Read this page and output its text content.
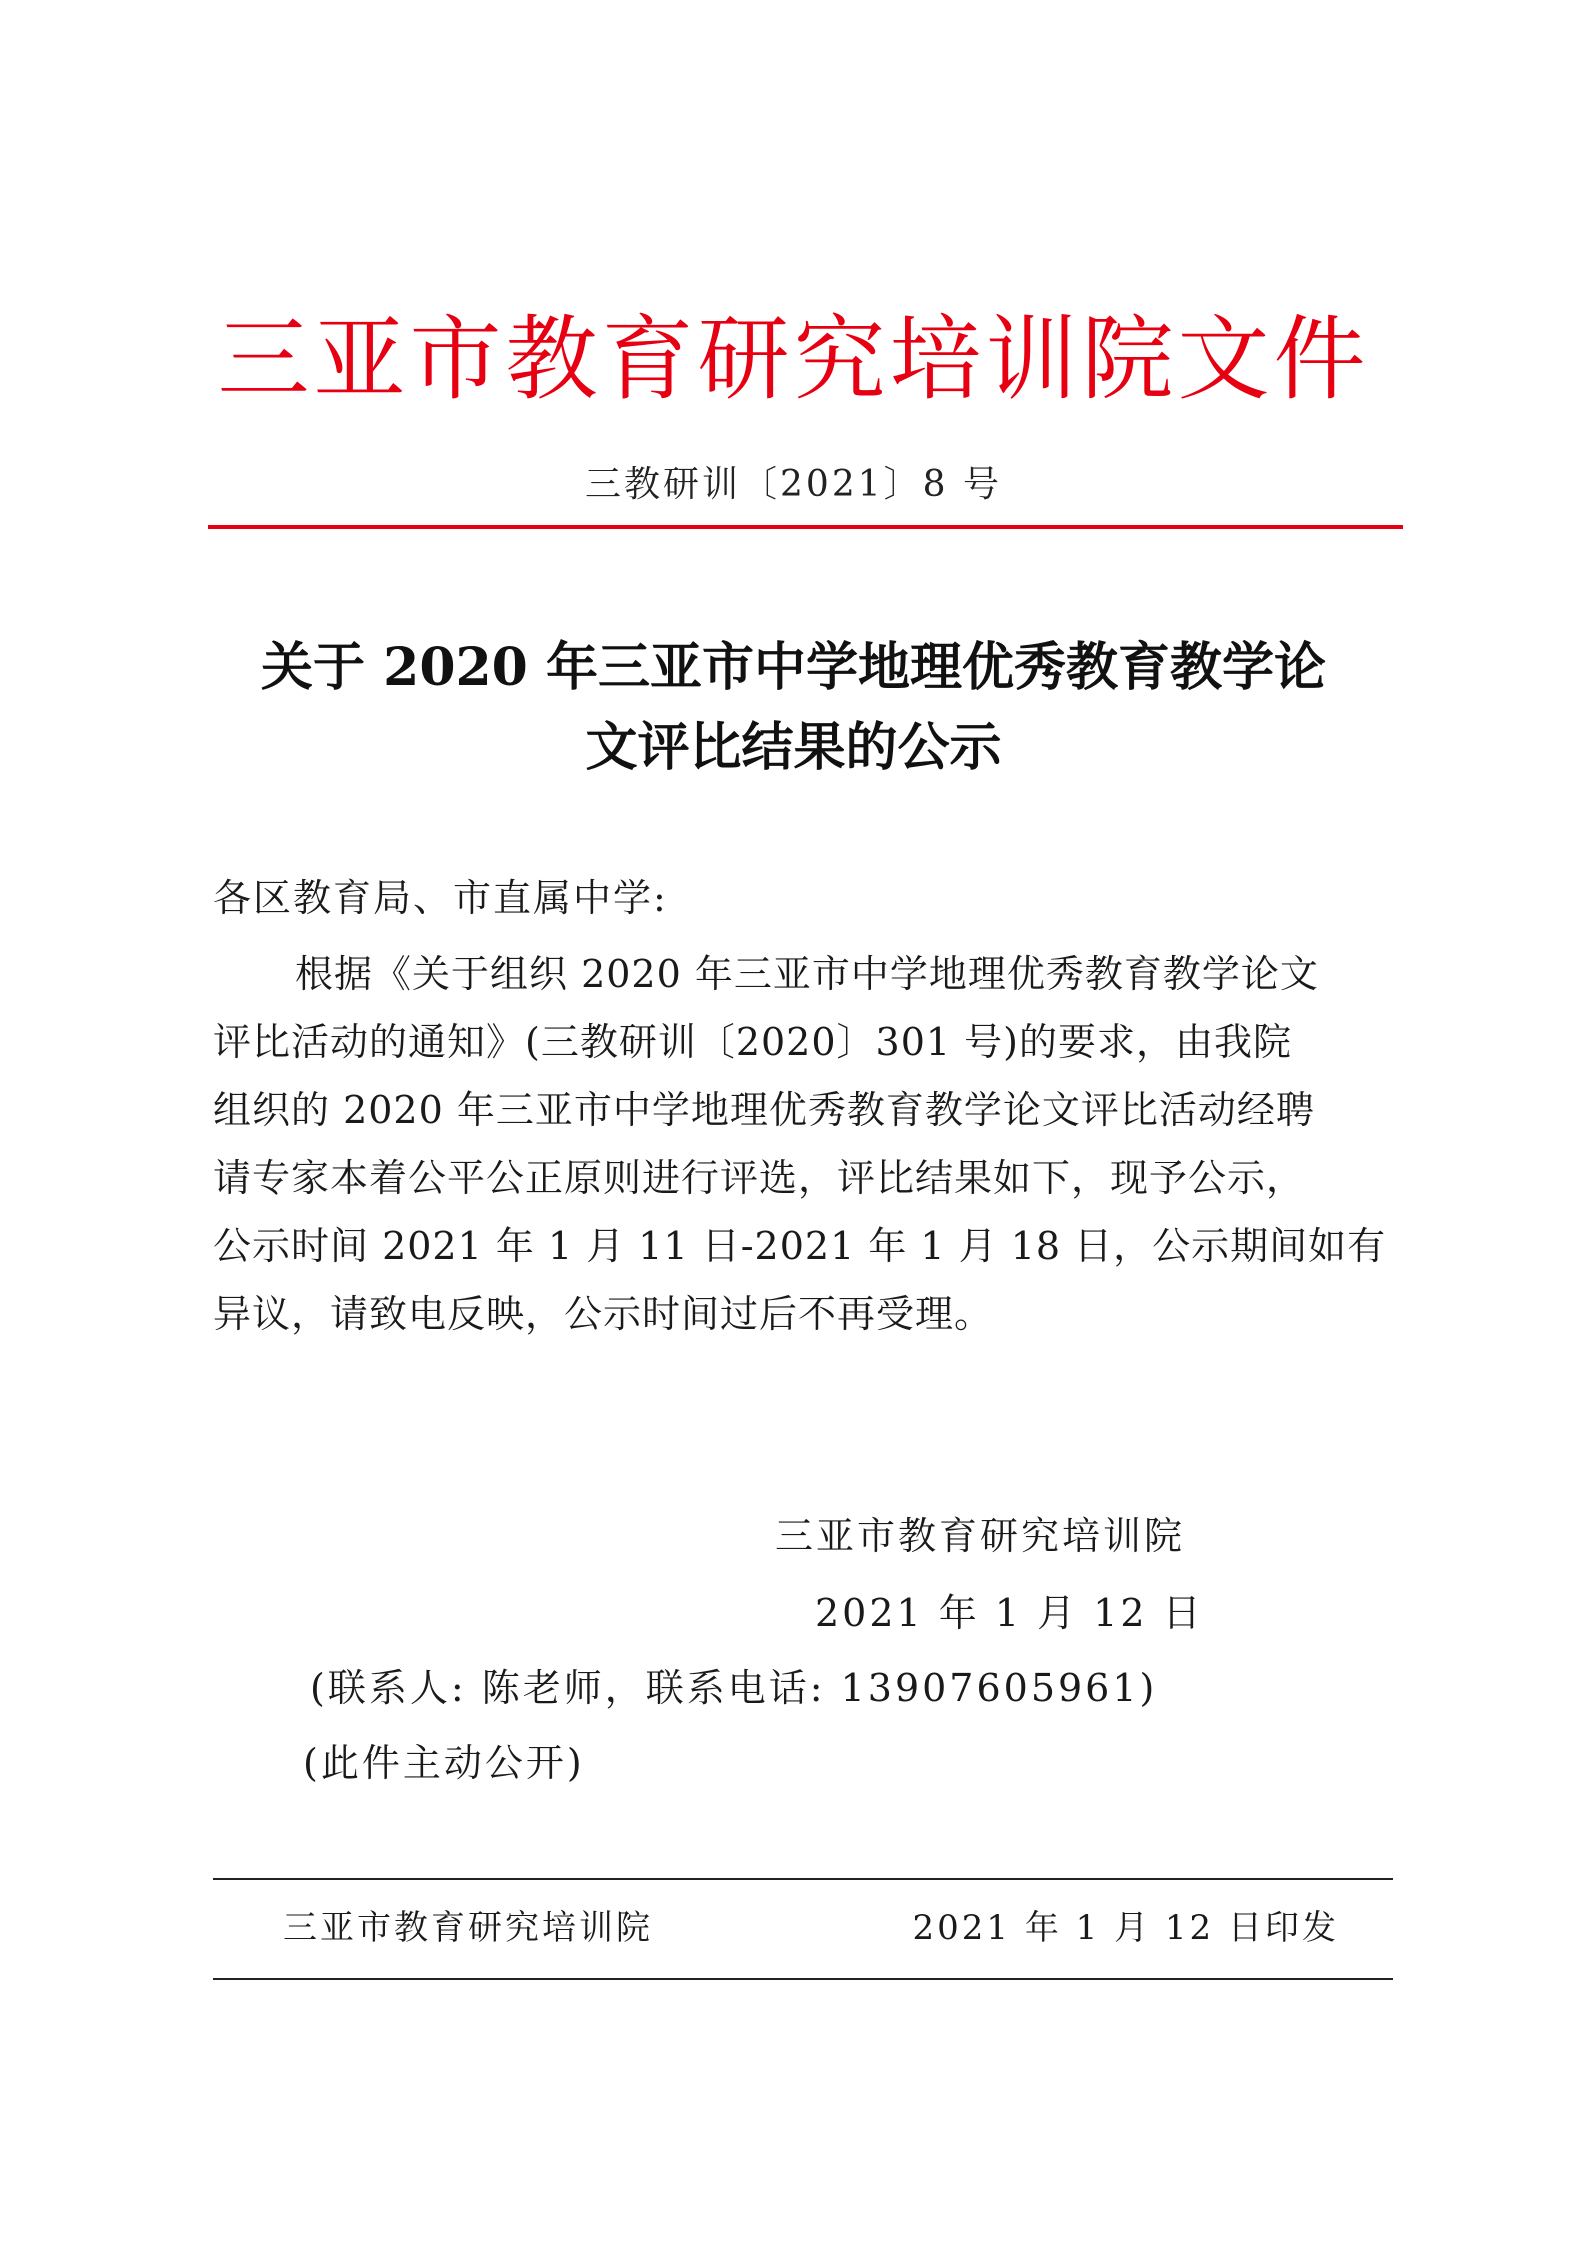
三亚市教育研究培训院文件
三教研训〔2021〕8 号
关于 2020 年三亚市中学地理优秀教育教学论
文评比结果的公示
各区教育局、市直属中学:
根据《关于组织 2020 年三亚市中学地理优秀教育教学论文
评比活动的通知》(三教研训〔2020〕301 号)的要求，由我院
组织的 2020 年三亚市中学地理优秀教育教学论文评比活动经聘
请专家本着公平公正原则进行评选，评比结果如下，现予公示，
公示时间 2021 年 1 月 11 日-2021 年 1 月 18 日，公示期间如有
异议，请致电反映，公示时间过后不再受理。
三亚市教育研究培训院
2021 年 1 月 12 日
(联系人: 陈老师，联系电话: 13907605961)
(此件主动公开)
三亚市教育研究培训院	2021 年 1 月 12 日印发
